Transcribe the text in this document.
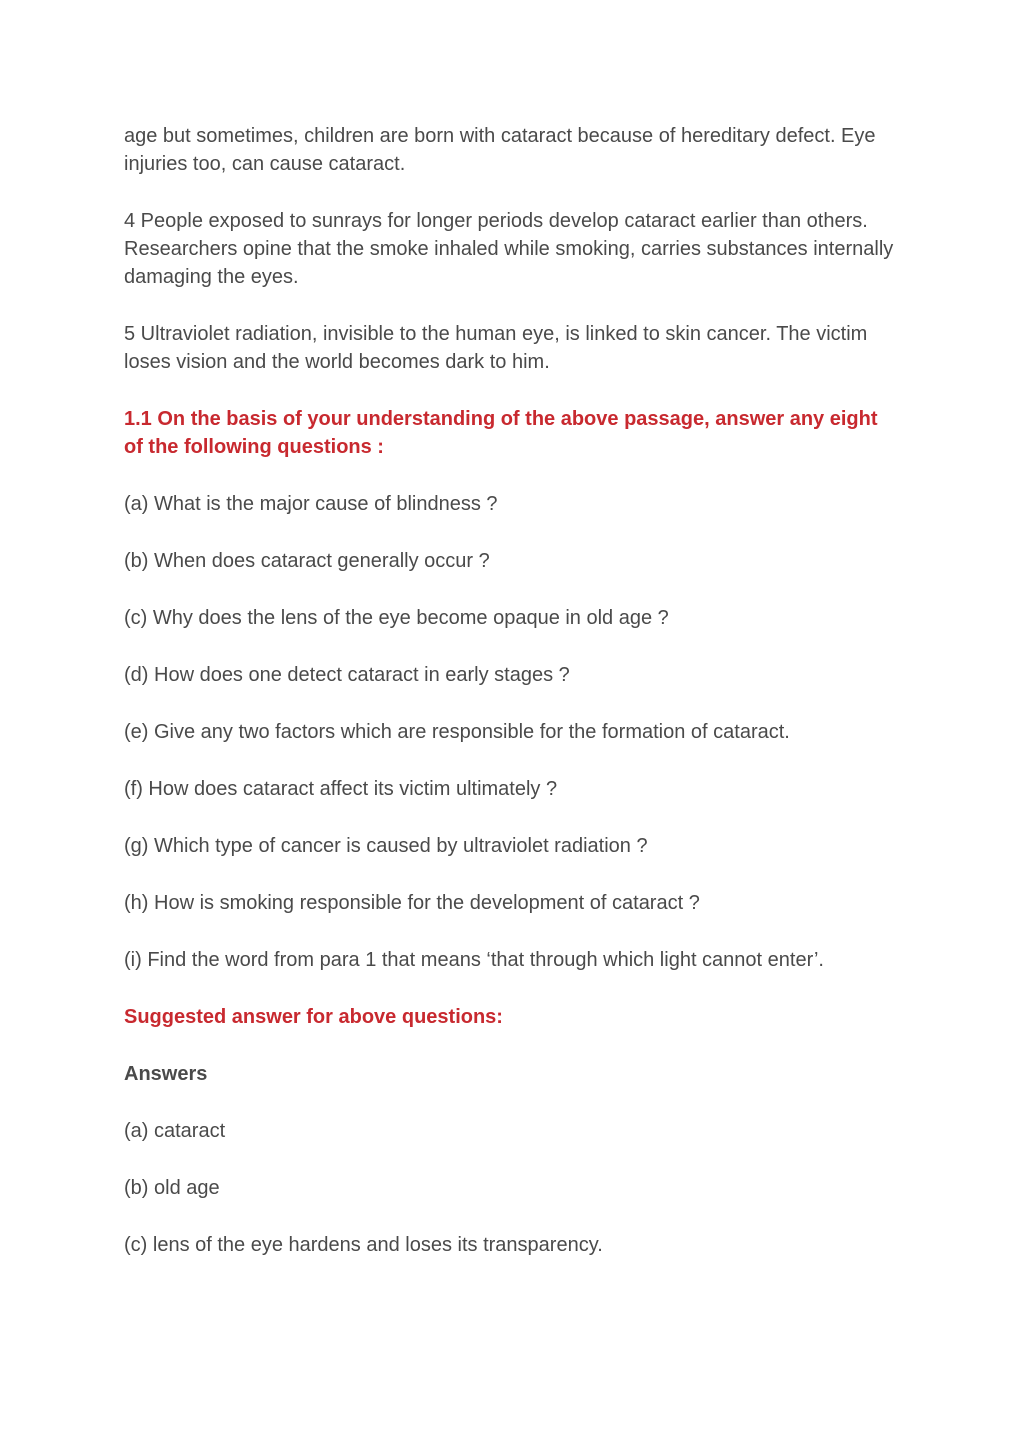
age but sometimes, children are born with cataract because of hereditary defect. Eye injuries too, can cause cataract.

4 People exposed to sunrays for longer periods develop cataract earlier than others. Researchers opine that the smoke inhaled while smoking, carries substances internally damaging the eyes.

5 Ultraviolet radiation, invisible to the human eye, is linked to skin cancer. The victim loses vision and the world becomes dark to him.

1.1 On the basis of your understanding of the above passage, answer any eight of the following questions :

(a) What is the major cause of blindness ?

(b) When does cataract generally occur ?

(c) Why does the lens of the eye become opaque in old age ?

(d) How does one detect cataract in early stages ?

(e) Give any two factors which are responsible for the formation of cataract.

(f) How does cataract affect its victim ultimately ?

(g) Which type of cancer is caused by ultraviolet radiation ?

(h) How is smoking responsible for the development of cataract ?

(i) Find the word from para 1 that means ‘that through which light cannot enter’.

Suggested answer for above questions:

Answers

(a) cataract

(b) old age

(c) lens of the eye hardens and loses its transparency.
